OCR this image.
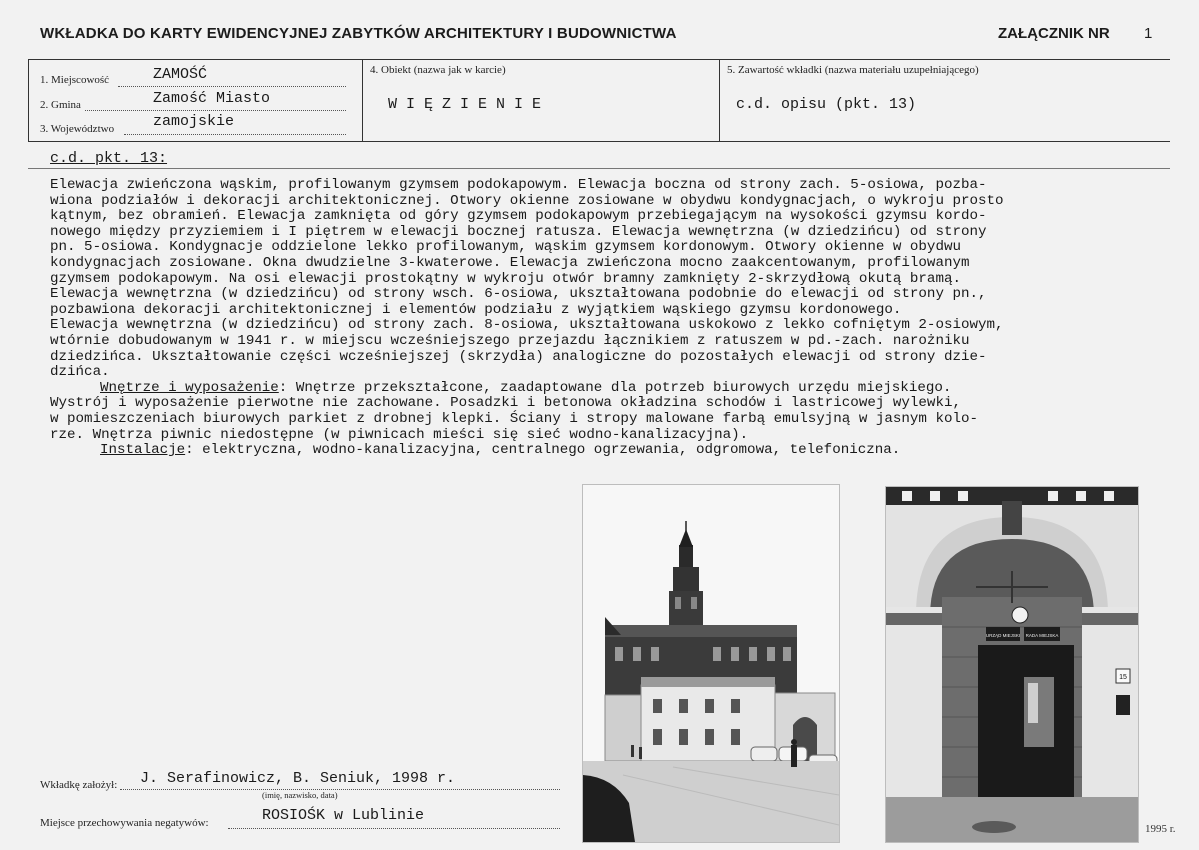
WKŁADKA DO KARTY EWIDENCYJNEJ ZABYTKÓW ARCHITEKTURY I BUDOWNICTWA	ZAŁĄCZNIK NR 1
1. Miejscowość	ZAMOŚĆ
2. Gmina	Zamość Miasto
3. Województwo	zamojskie
4. Obiekt (nazwa jak w karcie)
WIĘZIENIE
5. Zawartość wkładki (nazwa materiału uzupełniającego)
c.d. opisu (pkt. 13)
c.d. pkt. 13:

Elewacja zwieńczona wąskim, profilowanym gzymsem podokapowym. Elewacja boczna od strony zach. 5-osiowa, pozba-

wiona podziałów i dekoracji architektonicznej. Otwory okienne zosiowane w obydwu kondygnacjach, o wykroju prosto

kątnym, bez obramień. Elewacja zamknięta od góry gzymsem podokapowym przebiegającym na wysokości gzymsu kordo-

nowego między przyziemiem i I piętrem w elewacji bocznej ratusza. Elewacja wewnętrzna (w dziedzińcu) od strony

pn. 5-osiowa. Kondygnacje oddzielone lekko profilowanym, wąskim gzymsem kordonowym. Otwory okienne w obydwu

kondygnacjach zosiowane. Okna dwudzielne 3-kwaterowe. Elewacja zwieńczona mocno zaakcentowanym, profilowanym

gzymsem podokapowym. Na osi elewacji prostokątny w wykroju otwór bramny zamknięty 2-skrzydłową okutą bramą.

Elewacja wewnętrzna (w dziedzińcu) od strony wsch. 6-osiowa, ukształtowana podobnie do elewacji od strony pn.,

pozbawiona dekoracji architektonicznej i elementów podziału z wyjątkiem wąskiego gzymsu kordonowego.

Elewacja wewnętrzna (w dziedzińcu) od strony zach. 8-osiowa, ukształtowana uskokowo z lekko cofniętym 2-osiowym,

wtórnie dobudowanym w 1941 r. w miejscu wcześniejszego przejazdu łącznikiem z ratuszem w pd.-zach. narożniku

dziedzińca. Ukształtowanie części wcześniejszej (skrzydła) analogiczne do pozostałych elewacji od strony dzie-

dzińca.

Wnętrze i wyposażenie: Wnętrze przekształcone, zaadaptowane dla potrzeb biurowych urzędu miejskiego.

Wystrój i wyposażenie pierwotne nie zachowane. Posadzki i betonowa okładzina schodów i lastricowej wylewki,

w pomieszczeniach biurowych parkiet z drobnej klepki. Ściany i stropy malowane farbą emulsyjną w jasnym kolo-

rze. Wnętrza piwnic niedostępne (w piwnicach mieści się sieć wodno-kanalizacyjna).

Instalacje: elektryczna, wodno-kanalizacyjna, centralnego ogrzewania, odgromowa, telefoniczna.

URZĄD MIEJSKI RADA MIEJSKA
15
Wkładkę założył: J. Serafinowicz, B. Seniuk, 1998 r.
(imię, nazwisko, data)
Miejsce przechowywania negatywów:	ROSIOŚK w Lublinie
1995 r.
